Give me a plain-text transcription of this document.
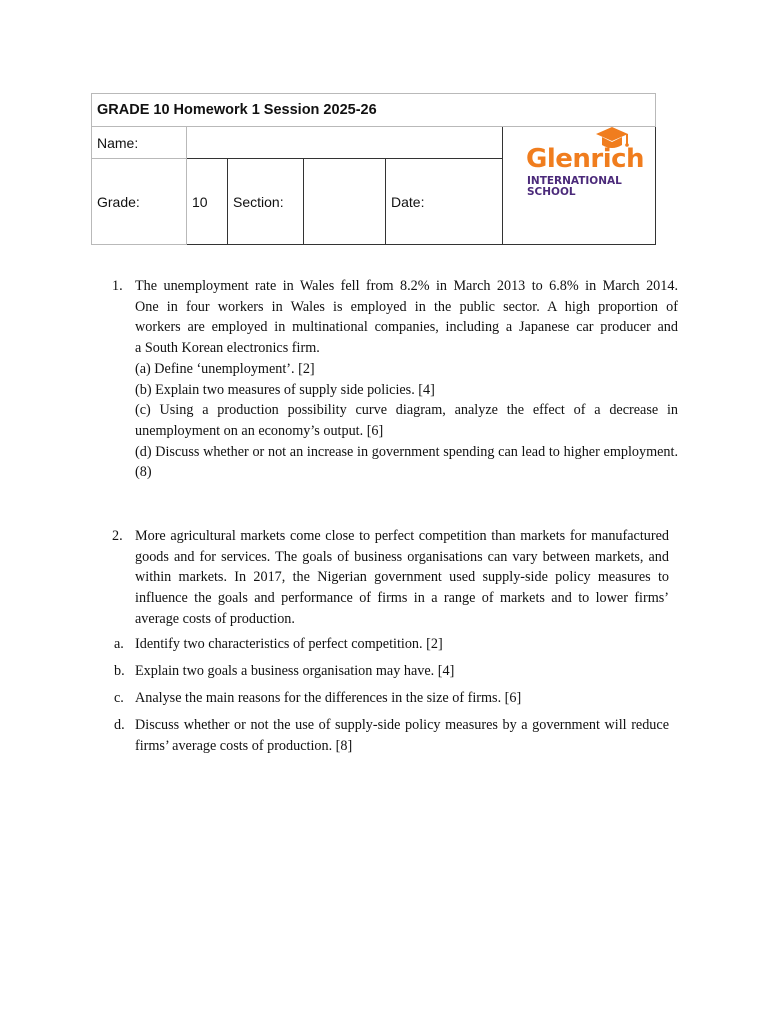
GRADE 10 Homework 1 Session 2025-26					
Name:					Glenrich
INTERNATIONAL
SCHOOL

Grade:	10	Section:		Date:	
1. The unemployment rate in Wales fell from 8.2% in March 2013 to 6.8% in March 2014.

One in four workers in Wales is employed in the public sector. A high proportion of

workers are employed in multinational companies, including a Japanese car producer and

a South Korean electronics firm.

(a) Define ‘unemployment’. [2]

(b) Explain two measures of supply side policies. [4]

(c) Using a production possibility curve diagram, analyze the effect of a decrease in unemployment on an economy’s output. [6]

(d) Discuss whether or not an increase in government spending can lead to higher employment. (8)

2. More agricultural markets come close to perfect competition than markets for manufactured goods and for services. The goals of business organisations can vary between markets, and within markets. In 2017, the Nigerian government used supply-side policy measures to influence the goals and performance of firms in a range of markets and to lower firms’ average costs of production.

a. Identify two characteristics of perfect competition. [2]
b. Explain two goals a business organisation may have. [4]
c. Analyse the main reasons for the differences in the size of firms. [6]
d. Discuss whether or not the use of supply-side policy measures by a government will reduce firms’ average costs of production. [8]
